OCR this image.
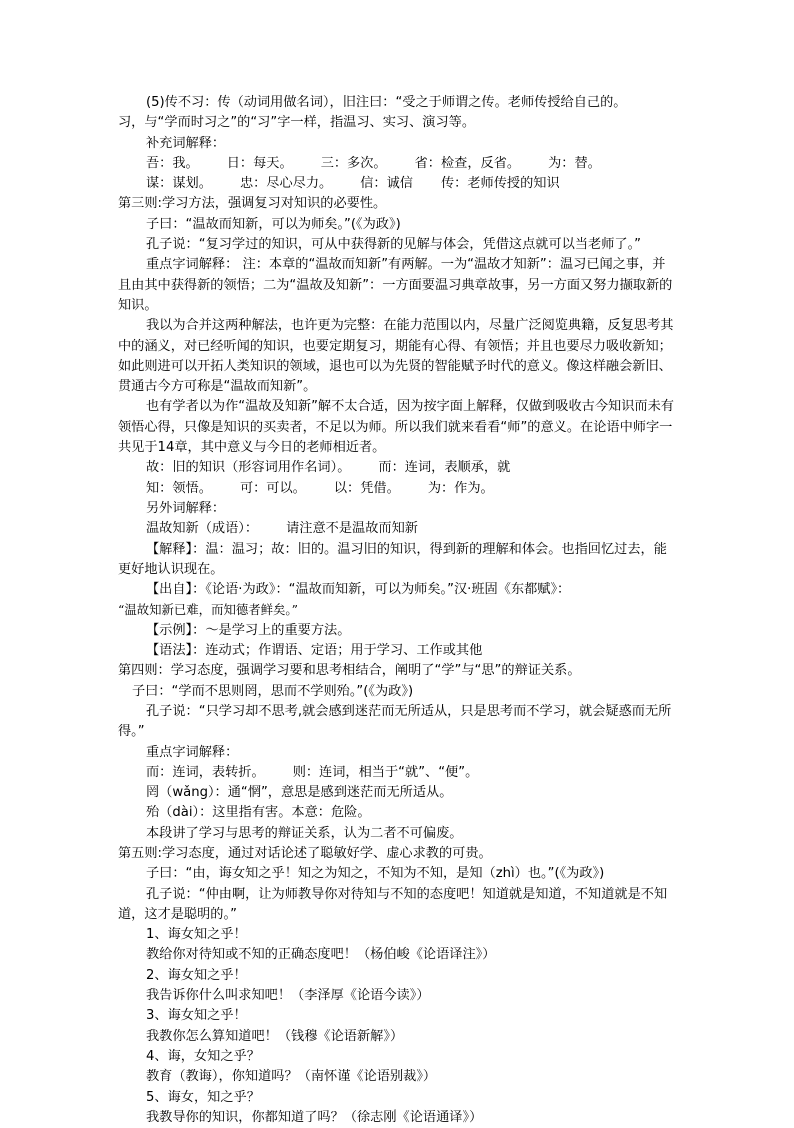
(5)传不习：传（动词用做名词），旧注曰：“受之于师谓之传。老师传授给自己的。

习，与“学而时习之”的“习”字一样，指温习、实习、演习等。

补充词解释：

吾：我。 日：每天。 三：多次。 省：检查，反省。 为：替。

谋：谋划。 忠：尽心尽力。 信：诚信 传：老师传授的知识

第三则:学习方法，强调复习对知识的必要性。

子曰：“温故而知新，可以为师矣。”(《为政》)

孔子说：“复习学过的知识，可从中获得新的见解与体会，凭借这点就可以当老师了。”

重点字词解释： 注：本章的“温故而知新”有两解。一为“温故才知新”：温习已闻之事，并且由其中获得新的领悟；二为“温故及知新”：一方面要温习典章故事，另一方面又努力撷取新的知识。

我以为合并这两种解法，也许更为完整：在能力范围以内，尽量广泛阅览典籍，反复思考其中的涵义，对已经听闻的知识，也要定期复习，期能有心得、有领悟；并且也要尽力吸收新知；如此则进可以开拓人类知识的领域，退也可以为先贤的智能赋予时代的意义。像这样融会新旧、贯通古今方可称是“温故而知新”。

也有学者以为作“温故及知新”解不太合适，因为按字面上解释，仅做到吸收古今知识而未有领悟心得，只像是知识的买卖者，不足以为师。所以我们就来看看“师”的意义。在论语中师字一共见于14章，其中意义与今日的老师相近者。

故：旧的知识（形容词用作名词）。 而：连词，表顺承，就

知：领悟。 可：可以。 以：凭借。 为：作为。

另外词解释：

温故知新（成语）： 请注意不是温故而知新

【解释】：温：温习；故：旧的。温习旧的知识，得到新的理解和体会。也指回忆过去，能更好地认识现在。

【出自】：《论语·为政》：“温故而知新，可以为师矣。”汉·班固《东都赋》：

“温故知新已难，而知德者鲜矣。”

【示例】：～是学习上的重要方法。

【语法】：连动式；作谓语、定语；用于学习、工作或其他

第四则：学习态度，强调学习要和思考相结合，阐明了“学”与“思”的辩证关系。

子曰：“学而不思则罔，思而不学则殆。”(《为政》)

孔子说：“只学习却不思考,就会感到迷茫而无所适从，只是思考而不学习，就会疑惑而无所得。”

重点字词解释：

而：连词，表转折。 则：连词，相当于“就”、“便”。

罔（wǎng）：通“惘”，意思是感到迷茫而无所适从。

殆（dài）：这里指有害。本意：危险。

本段讲了学习与思考的辩证关系，认为二者不可偏废。

第五则:学习态度，通过对话论述了聪敏好学、虚心求教的可贵。

子曰：“由，诲女知之乎！知之为知之，不知为不知，是知（zhì）也。”(《为政》)

孔子说：“仲由啊，让为师教导你对待知与不知的态度吧！知道就是知道，不知道就是不知道，这才是聪明的。”

1、诲女知之乎！

教给你对待知或不知的正确态度吧！（杨伯峻《论语译注》）

2、诲女知之乎！

我告诉你什么叫求知吧！（李泽厚《论语今读》）

3、诲女知之乎！

我教你怎么算知道吧！（钱穆《论语新解》）

4、诲，女知之乎？

教育（教诲），你知道吗？（南怀谨《论语别裁》）

5、诲女，知之乎？

我教导你的知识，你都知道了吗？（徐志刚《论语通译》）
